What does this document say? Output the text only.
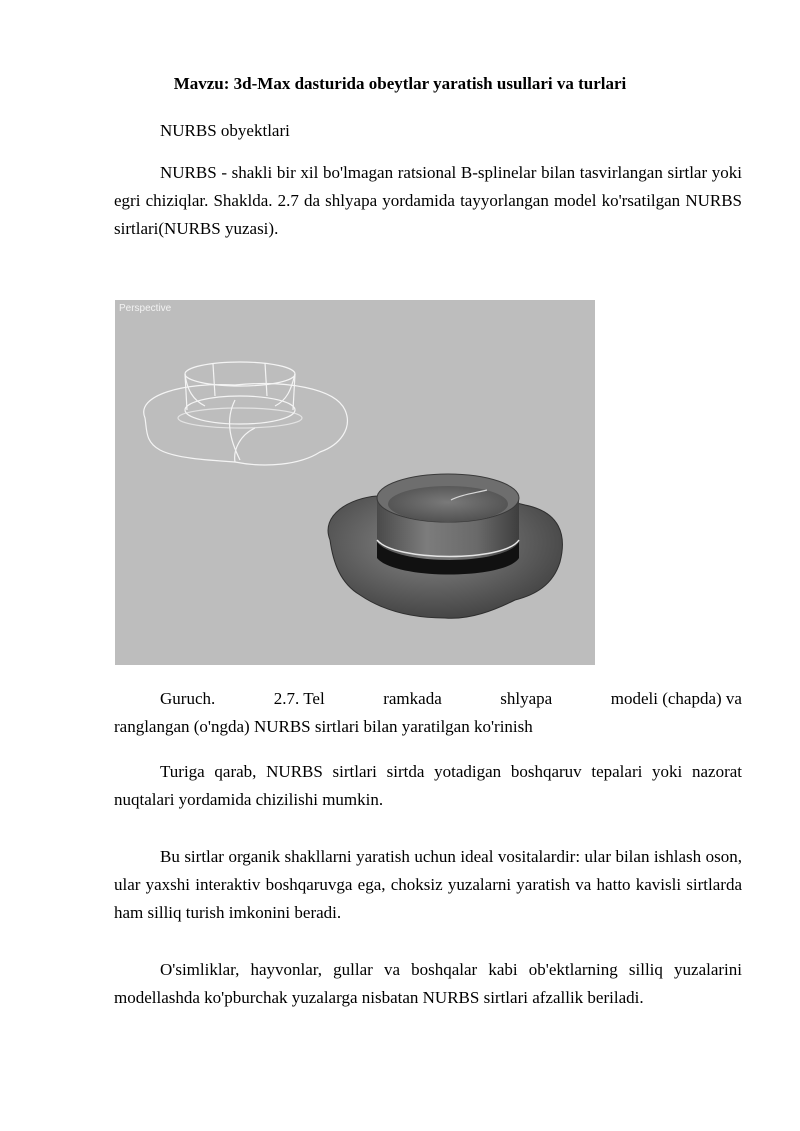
Mavzu: 3d-Max dasturida obeytlar yaratish usullari va turlari
NURBS obyektlari

NURBS - shakli bir xil bo'lmagan ratsional B-splinelar bilan tasvirlangan sirtlar yoki egri chiziqlar. Shaklda. 2.7 da shlyapa yordamida tayyorlangan model ko'rsatilgan NURBS sirtlari(NURBS yuzasi).

Perspective
Guruch.	2.7. Tel	ramkada	shlyapa	modeli (chapda) va
ranglangan (o'ngda) NURBS sirtlari bilan yaratilgan ko'rinish

Turiga qarab, NURBS sirtlari sirtda yotadigan boshqaruv tepalari yoki nazorat nuqtalari yordamida chizilishi mumkin.

Bu sirtlar organik shakllarni yaratish uchun ideal vositalardir: ular bilan ishlash oson, ular yaxshi interaktiv boshqaruvga ega, choksiz yuzalarni yaratish va hatto kavisli sirtlarda ham silliq turish imkonini beradi.

O'simliklar, hayvonlar, gullar va boshqalar kabi ob'ektlarning silliq yuzalarini modellashda ko'pburchak yuzalarga nisbatan NURBS sirtlari afzallik beriladi.
